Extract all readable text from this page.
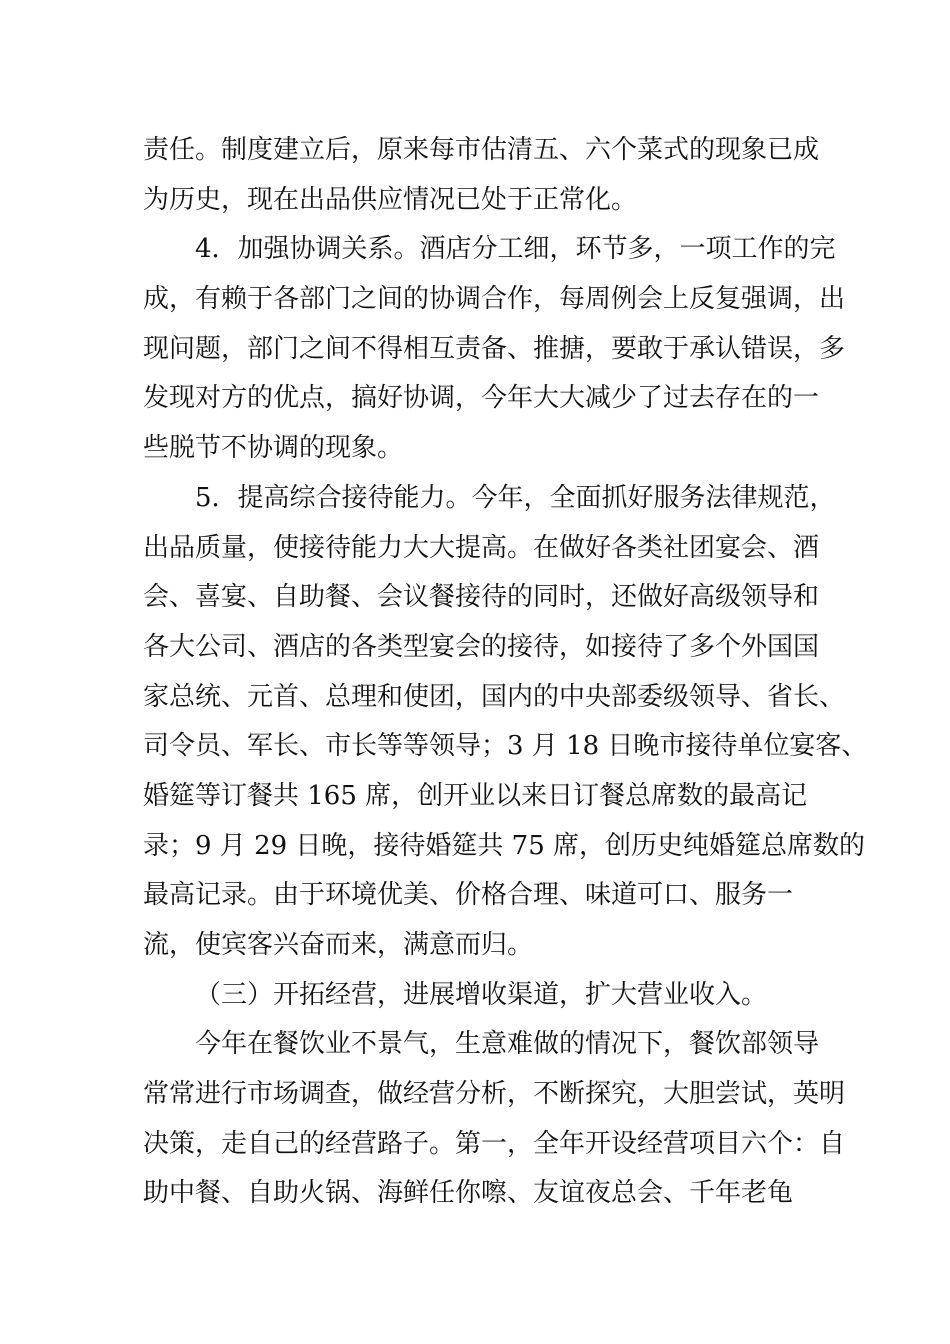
责任。制度建立后，原来每市估清五、六个菜式的现象已成
为历史，现在出品供应情况已处于正常化。
4．加强协调关系。酒店分工细，环节多，一项工作的完
成，有赖于各部门之间的协调合作，每周例会上反复强调，出
现问题，部门之间不得相互责备、推搪，要敢于承认错误，多
发现对方的优点，搞好协调，今年大大减少了过去存在的一
些脱节不协调的现象。
5．提高综合接待能力。今年，全面抓好服务法律规范，
出品质量，使接待能力大大提高。在做好各类社团宴会、酒
会、喜宴、自助餐、会议餐接待的同时，还做好高级领导和
各大公司、酒店的各类型宴会的接待，如接待了多个外国国
家总统、元首、总理和使团，国内的中央部委级领导、省长、
司令员、军长、市长等等领导；3 月 18 日晚市接待单位宴客、
婚筵等订餐共 165 席，创开业以来日订餐总席数的最高记
录；9 月 29 日晚，接待婚筵共 75 席，创历史纯婚筵总席数的
最高记录。由于环境优美、价格合理、味道可口、服务一
流，使宾客兴奋而来，满意而归。
（三）开拓经营，进展增收渠道，扩大营业收入。
今年在餐饮业不景气，生意难做的情况下，餐饮部领导
常常进行市场调查，做经营分析，不断探究，大胆尝试，英明
决策，走自己的经营路子。第一，全年开设经营项目六个：自
助中餐、自助火锅、海鲜任你嚓、友谊夜总会、千年老龟
